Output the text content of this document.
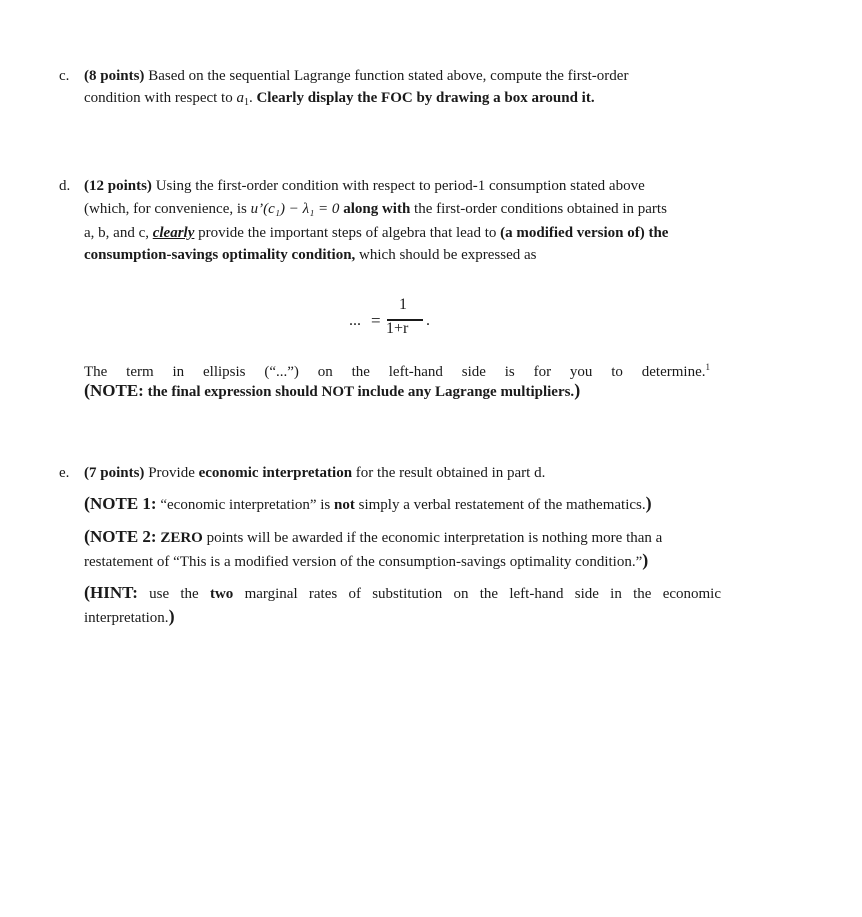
c. (8 points) Based on the sequential Lagrange function stated above, compute the first-order
condition with respect to $a_1$. Clearly display the FOC by drawing a box around it.
d. (12 points) Using the first-order condition with respect to period-1 consumption stated above
(which, for convenience, is u’(c₁) − λ₁ = 0 along with the first-order conditions obtained in parts
a, b, and c, clearly provide the important steps of algebra that lead to (a modified version of) the
consumption-savings optimality condition, which should be expressed as
... =
1
1+r .
The term in ellipsis (“...”) on the left-hand side is for you to determine.$^1$
(NOTE: the final expression should NOT include any Lagrange multipliers.)
e. (7 points) Provide economic interpretation for the result obtained in part d.
(NOTE 1: “economic interpretation” is not simply a verbal restatement of the mathematics.)
(NOTE 2: ZERO points will be awarded if the economic interpretation is nothing more than a
restatement of “This is a modified version of the consumption-savings optimality condition.”)
(HINT: use the two marginal rates of substitution on the left-hand side in the economic
interpretation.)
